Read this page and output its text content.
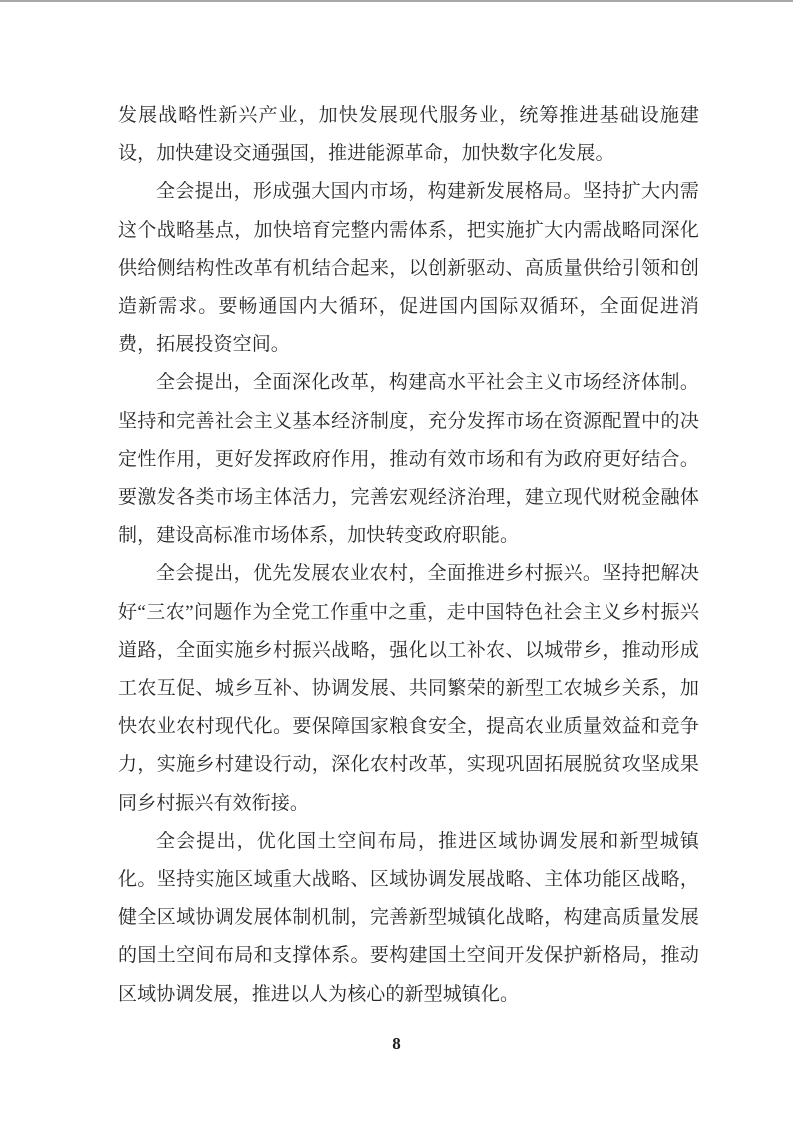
发展战略性新兴产业，加快发展现代服务业，统筹推进基础设施建设，加快建设交通强国，推进能源革命，加快数字化发展。

全会提出，形成强大国内市场，构建新发展格局。坚持扩大内需这个战略基点，加快培育完整内需体系，把实施扩大内需战略同深化供给侧结构性改革有机结合起来，以创新驱动、高质量供给引领和创造新需求。要畅通国内大循环，促进国内国际双循环，全面促进消费，拓展投资空间。

全会提出，全面深化改革，构建高水平社会主义市场经济体制。坚持和完善社会主义基本经济制度，充分发挥市场在资源配置中的决定性作用，更好发挥政府作用，推动有效市场和有为政府更好结合。要激发各类市场主体活力，完善宏观经济治理，建立现代财税金融体制，建设高标准市场体系，加快转变政府职能。

全会提出，优先发展农业农村，全面推进乡村振兴。坚持把解决好“三农”问题作为全党工作重中之重，走中国特色社会主义乡村振兴道路，全面实施乡村振兴战略，强化以工补农、以城带乡，推动形成工农互促、城乡互补、协调发展、共同繁荣的新型工农城乡关系，加快农业农村现代化。要保障国家粮食安全，提高农业质量效益和竞争力，实施乡村建设行动，深化农村改革，实现巩固拓展脱贫攻坚成果同乡村振兴有效衔接。

全会提出，优化国土空间布局，推进区域协调发展和新型城镇化。坚持实施区域重大战略、区域协调发展战略、主体功能区战略，健全区域协调发展体制机制，完善新型城镇化战略，构建高质量发展的国土空间布局和支撑体系。要构建国土空间开发保护新格局，推动区域协调发展，推进以人为核心的新型城镇化。

8
